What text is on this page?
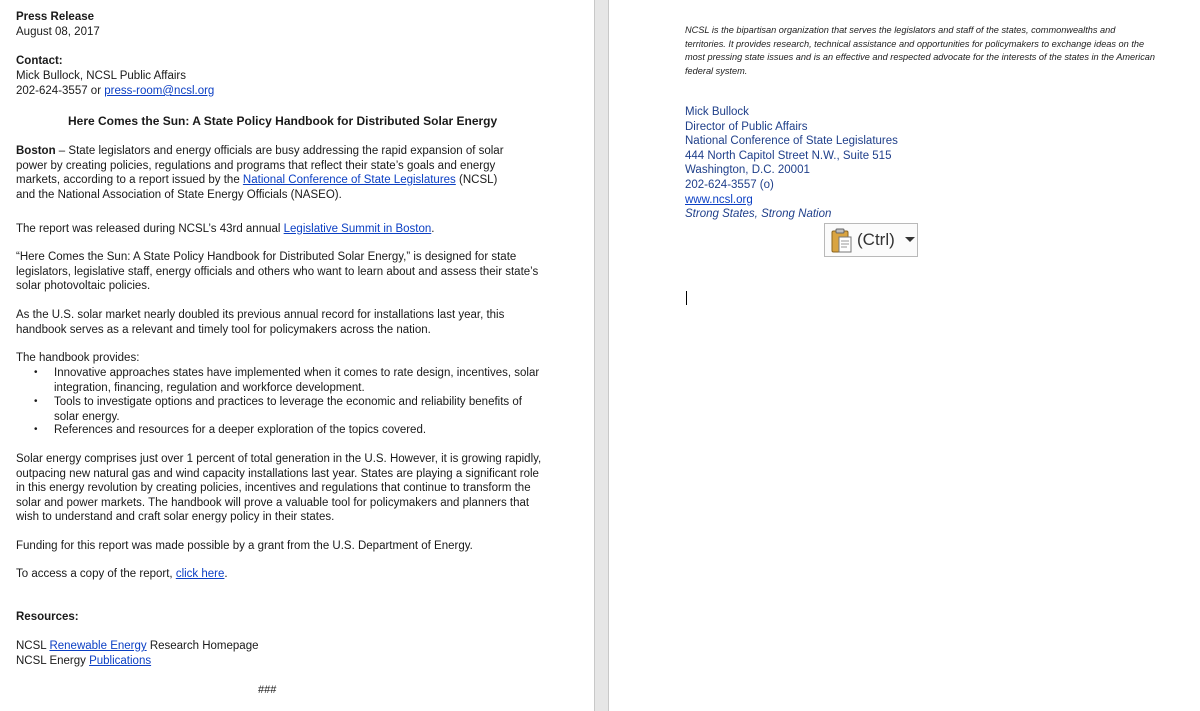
Press Release
August 08, 2017
Contact:
Mick Bullock, NCSL Public Affairs
202-624-3557 or press-room@ncsl.org
Here Comes the Sun: A State Policy Handbook for Distributed Solar Energy
Boston – State legislators and energy officials are busy addressing the rapid expansion of solar
power by creating policies, regulations and programs that reflect their state’s goals and energy
markets, according to a report issued by the National Conference of State Legislatures (NCSL)
and the National Association of State Energy Officials (NASEO).
The report was released during NCSL’s 43rd annual Legislative Summit in Boston.
“Here Comes the Sun: A State Policy Handbook for Distributed Solar Energy,” is designed for state
legislators, legislative staff, energy officials and others who want to learn about and assess their state’s
solar photovoltaic policies.
As the U.S. solar market nearly doubled its previous annual record for installations last year, this
handbook serves as a relevant and timely tool for policymakers across the nation.
The handbook provides:
• Innovative approaches states have implemented when it comes to rate design, incentives, solar
integration, financing, regulation and workforce development.
• Tools to investigate options and practices to leverage the economic and reliability benefits of
solar energy.
• References and resources for a deeper exploration of the topics covered.
Solar energy comprises just over 1 percent of total generation in the U.S. However, it is growing rapidly,
outpacing new natural gas and wind capacity installations last year. States are playing a significant role
in this energy revolution by creating policies, incentives and regulations that continue to transform the
solar and power markets. The handbook will prove a valuable tool for policymakers and planners that
wish to understand and craft solar energy policy in their states.
Funding for this report was made possible by a grant from the U.S. Department of Energy.
To access a copy of the report, click here.
Resources:
NCSL Renewable Energy Research Homepage
NCSL Energy Publications
###
NCSL is the bipartisan organization that serves the legislators and staff of the states, commonwealths and
territories. It provides research, technical assistance and opportunities for policymakers to exchange ideas on the
most pressing state issues and is an effective and respected advocate for the interests of the states in the American
federal system.
Mick Bullock
Director of Public Affairs
National Conference of State Legislatures
444 North Capitol Street N.W., Suite 515
Washington, D.C. 20001
202-624-3557 (o)
www.ncsl.org
Strong States, Strong Nation
(Ctrl)
